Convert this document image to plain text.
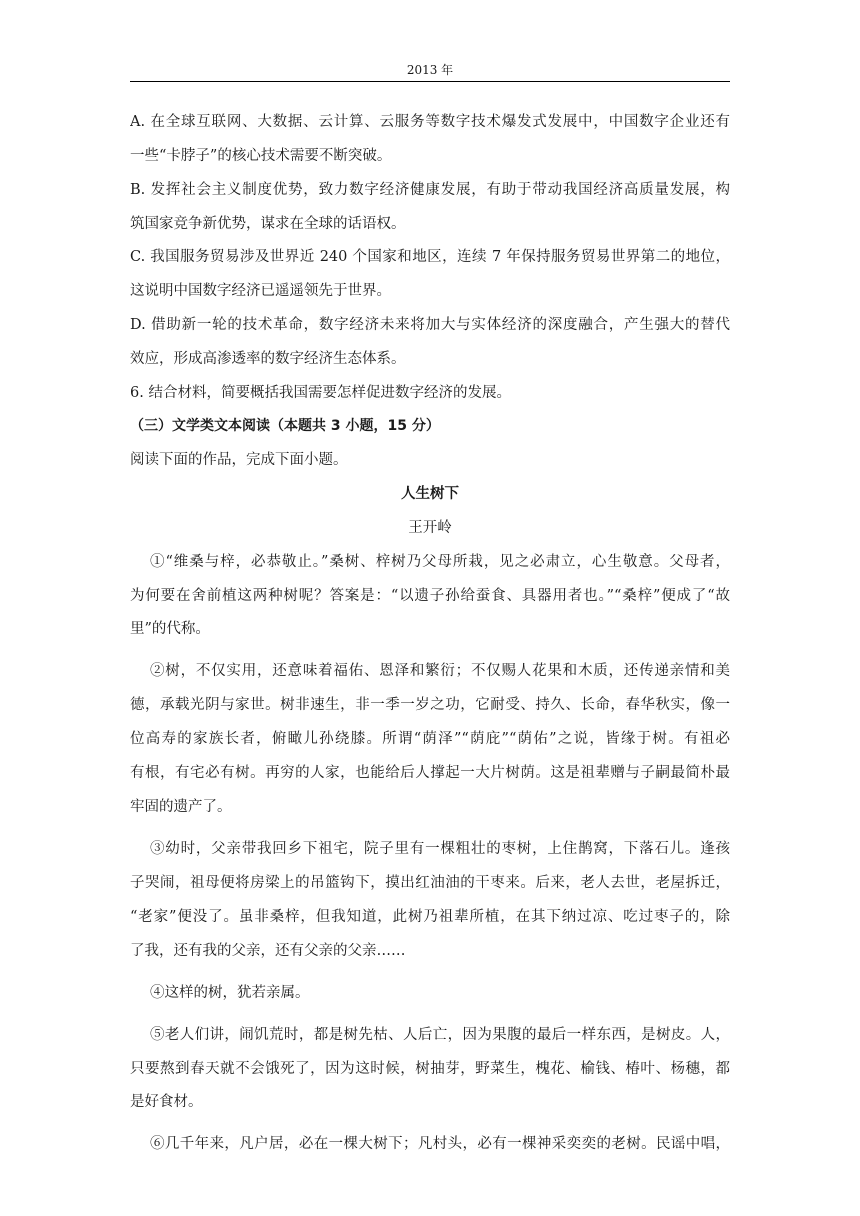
2013 年
A. 在全球互联网、大数据、云计算、云服务等数字技术爆发式发展中，中国数字企业还有
一些“卡脖子”的核心技术需要不断突破。
B. 发挥社会主义制度优势，致力数字经济健康发展，有助于带动我国经济高质量发展，构
筑国家竞争新优势，谋求在全球的话语权。
C. 我国服务贸易涉及世界近 240 个国家和地区，连续 7 年保持服务贸易世界第二的地位，
这说明中国数字经济已遥遥领先于世界。
D. 借助新一轮的技术革命，数字经济未来将加大与实体经济的深度融合，产生强大的替代
效应，形成高渗透率的数字经济生态体系。
6. 结合材料，简要概括我国需要怎样促进数字经济的发展。
（三）文学类文本阅读（本题共 3 小题，15 分）
阅读下面的作品，完成下面小题。
人生树下
王开岭
①“维桑与梓，必恭敬止。”桑树、梓树乃父母所栽，见之必肃立，心生敬意。父母者，
为何要在舍前植这两种树呢？答案是：“以遗子孙给蚕食、具器用者也。”“桑梓”便成了“故
里”的代称。
②树，不仅实用，还意味着福佑、恩泽和繁衍；不仅赐人花果和木质，还传递亲情和美
德，承载光阴与家世。树非速生，非一季一岁之功，它耐受、持久、长命，春华秋实，像一
位高寿的家族长者，俯瞰儿孙绕膝。所谓“荫泽”“荫庇”“荫佑”之说，皆缘于树。有祖必
有根，有宅必有树。再穷的人家，也能给后人撑起一大片树荫。这是祖辈赠与子嗣最简朴最
牢固的遗产了。
③幼时，父亲带我回乡下祖宅，院子里有一棵粗壮的枣树，上住鹊窝，下落石儿。逢孩
子哭闹，祖母便将房梁上的吊篮钩下，摸出红油油的干枣来。后来，老人去世，老屋拆迁，
“老家”便没了。虽非桑梓，但我知道，此树乃祖辈所植，在其下纳过凉、吃过枣子的，除
了我，还有我的父亲，还有父亲的父亲……
④这样的树，犹若亲属。
⑤老人们讲，闹饥荒时，都是树先枯、人后亡，因为果腹的最后一样东西，是树皮。人，
只要熬到春天就不会饿死了，因为这时候，树抽芽，野菜生，槐花、榆钱、椿叶、杨穗，都
是好食材。
⑥几千年来，凡户居，必在一棵大树下；凡村头，必有一棵神采奕奕的老树。民谣中唱，
